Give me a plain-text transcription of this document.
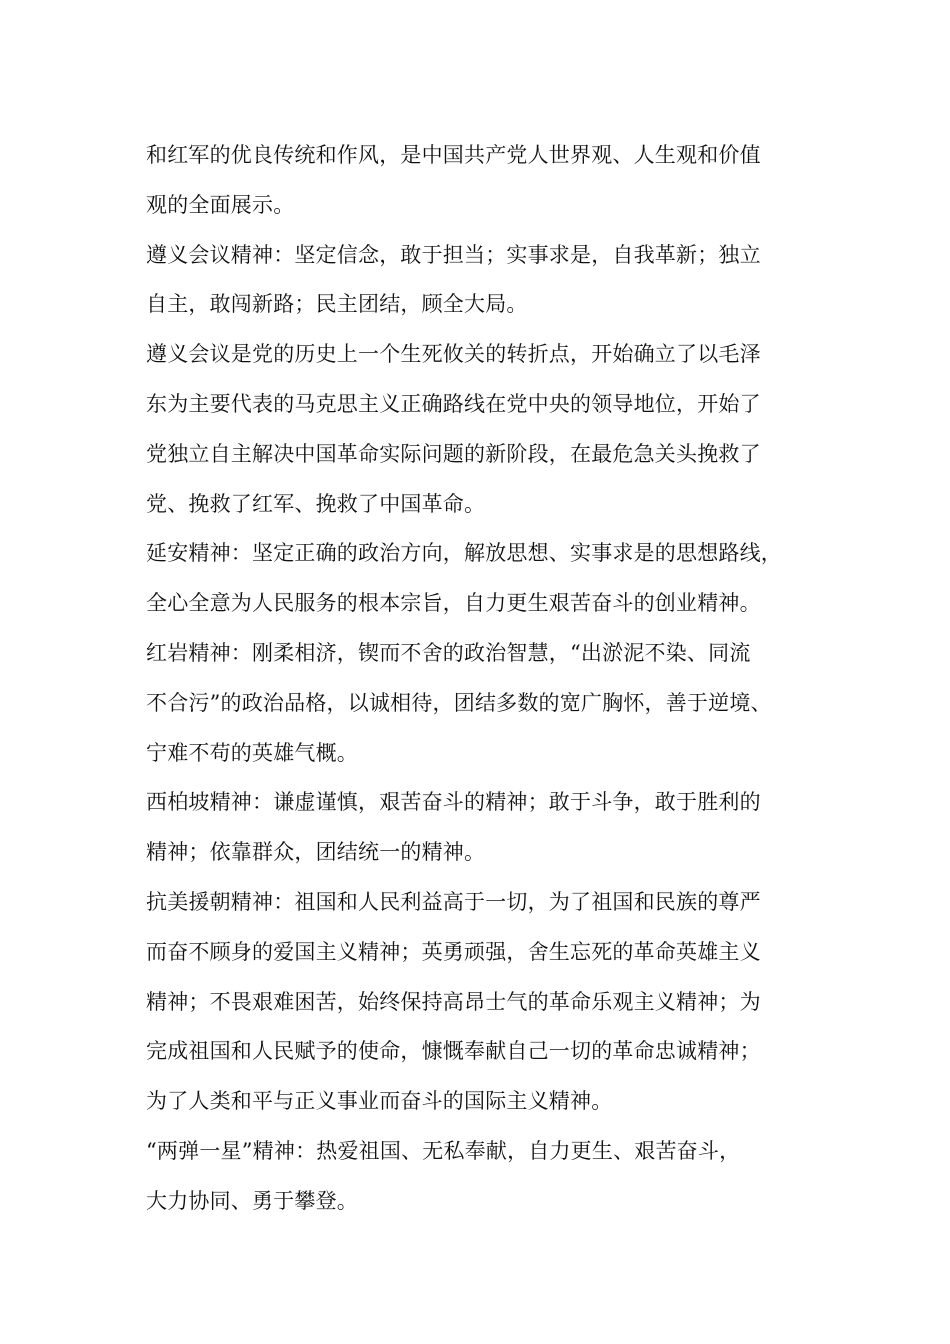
和红军的优良传统和作风，是中国共产党人世界观、人生观和价值
观的全面展示。
遵义会议精神：坚定信念，敢于担当；实事求是，自我革新；独立
自主，敢闯新路；民主团结，顾全大局。
遵义会议是党的历史上一个生死攸关的转折点，开始确立了以毛泽
东为主要代表的马克思主义正确路线在党中央的领导地位，开始了
党独立自主解决中国革命实际问题的新阶段，在最危急关头挽救了
党、挽救了红军、挽救了中国革命。
延安精神：坚定正确的政治方向，解放思想、实事求是的思想路线，
全心全意为人民服务的根本宗旨，自力更生艰苦奋斗的创业精神。
红岩精神：刚柔相济，锲而不舍的政治智慧，“出淤泥不染、同流
不合污”的政治品格，以诚相待，团结多数的宽广胸怀，善于逆境、
宁难不苟的英雄气概。
西柏坡精神：谦虚谨慎，艰苦奋斗的精神；敢于斗争，敢于胜利的
精神；依靠群众，团结统一的精神。
抗美援朝精神：祖国和人民利益高于一切，为了祖国和民族的尊严
而奋不顾身的爱国主义精神；英勇顽强，舍生忘死的革命英雄主义
精神；不畏艰难困苦，始终保持高昂士气的革命乐观主义精神；为
完成祖国和人民赋予的使命，慷慨奉献自己一切的革命忠诚精神；
为了人类和平与正义事业而奋斗的国际主义精神。
“两弹一星”精神：热爱祖国、无私奉献，自力更生、艰苦奋斗，
大力协同、勇于攀登。
